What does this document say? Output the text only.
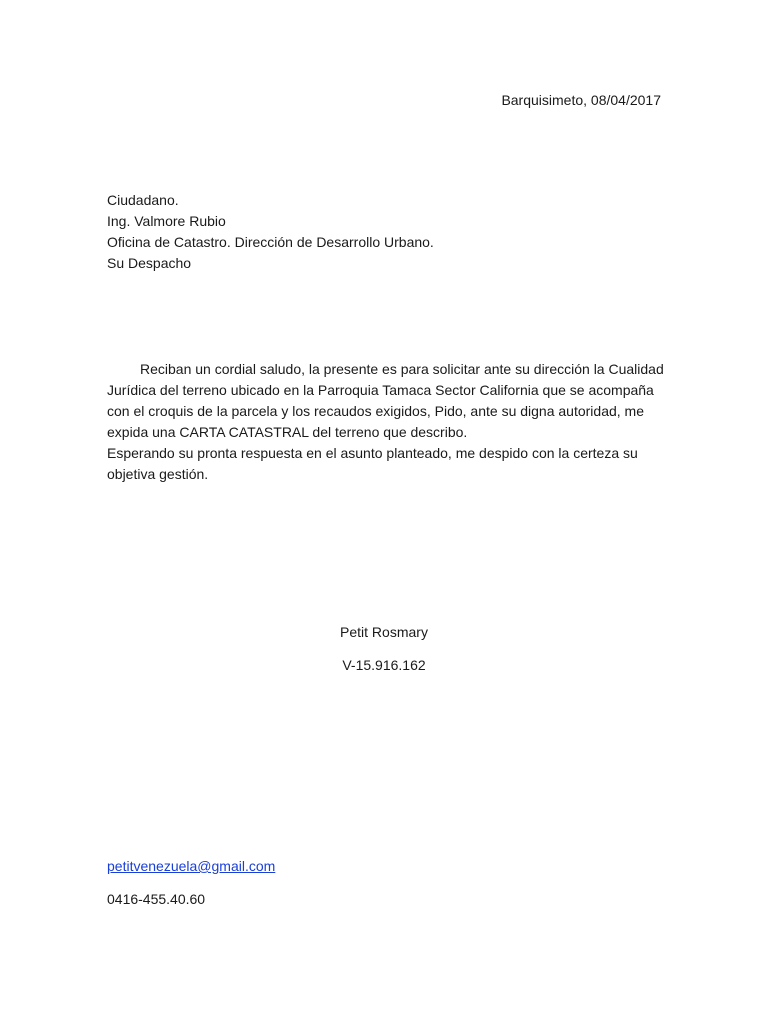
Barquisimeto, 08/04/2017
Ciudadano.
Ing. Valmore Rubio
Oficina de Catastro. Dirección de Desarrollo Urbano.
Su Despacho

Reciban un cordial saludo, la presente es para solicitar ante su dirección la Cualidad Jurídica del terreno ubicado en la Parroquia Tamaca Sector California que se acompaña con el croquis de la parcela y los recaudos exigidos, Pido, ante su digna autoridad, me expida una CARTA CATASTRAL del terreno que describo.

Esperando su pronta respuesta en el asunto planteado, me despido con la certeza su objetiva gestión.

Petit Rosmary
V-15.916.162
petitvenezuela@gmail.com
0416-455.40.60
